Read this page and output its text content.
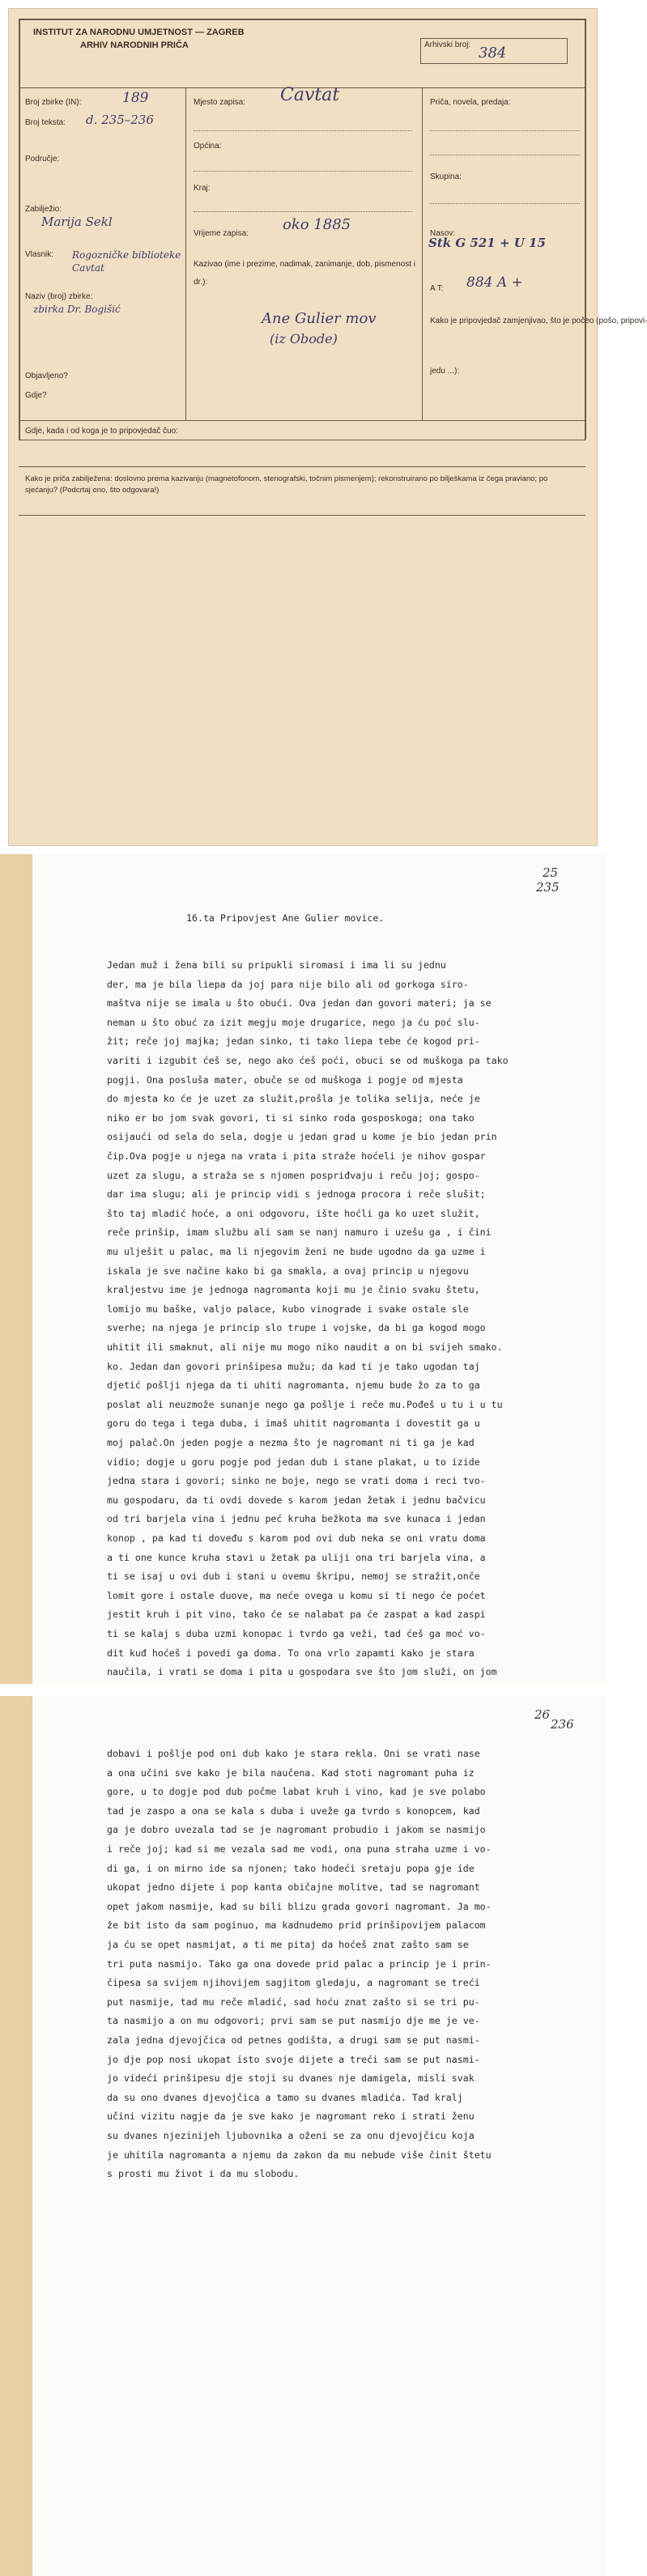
INSTITUT ZA NARODNU UMJETNOST — ZAGREB
ARHIV NARODNIH PRIČA	Arhivski broj: 384
Broj zbirke (IN):	189
Broj teksta: d. 235–236
Područje:
Zabilježio:
Marija Sekl
Vlasnik: Rogozničke biblioteke Cavtat
Naziv (broj) zbirke:
zbirka Dr. Bogišić
Objavljeno?
Gdje?
Mjesto zapisa: Cavtat
Općina:
Kraj:
Vrijeme zapisa:
oko 1885
Kazivao (ime i prezime, nadimak, zanimanje, dob, pismenost i dr.):
Ane Gulier mov
(iz Obode)
Priča, novela, predaja:
Skupina:
Nasov:
Stk G 521 + U 15
A T: 884 A +
Kako je pripovjedač zamjenjivao, što je počeo (pošo, pripovi-
jedu ...):
Gdje, kada i od koga je to pripovjedač čuo:
Kako je priča zabilježena: doslovno prema kazivanju (magnetofonom, stenografski, točnim pismenjem); rekonstruirano po bilješkama iz čega praviano; po sjećanju? (Podcrtaj ono, što odgovara!)
25
235
16.ta Pripovjest Ane Gulier movice.
Jedan muž i žena bili su pripukli siromasi i ima li su jednu
der, ma je bila liepa da joj para nije bilo ali od gorkoga siro-
maštva nije se imala u što obući. Ova jedan dan govori materi; ja se
neman u što obuć za izit megju moje drugarice, nego ja ću poć slu-
žit; reče joj majka; jedan sinko, ti tako liepa tebe će kogod pri-
variti i izgubit ćeš se, nego ako ćeš poći, obuci se od muškoga pa tako
pogji. Ona posluša mater, obuče se od muškoga i pogje od mjesta
do mjesta ko će je uzet za služit,prošla je tolika selija, neće je
niko er bo jom svak govori, ti si sinko roda gosposkoga; ona tako
osijaući od sela do sela, dogje u jedan grad u kome je bio jedan prin
čip.Ova pogje u njega na vrata i pita straže hoćeli je nihov gospar
uzet za slugu, a straža se s njomen pospriđvaju i reču joj; gospo-
dar ima slugu; ali je princip vidi s jednoga procora i reče slušit;
što taj mladić hoće, a oni odgovoru, ište hoćli ga ko uzet služit,
reče prinšip, imam službu ali sam se nanj namuro i uzešu ga , i čini
mu ulješit u palac, ma li njegovim ženi ne bude ugodno da ga uzme i
iskala je sve načine kako bi ga smakla, a ovaj princip u njegovu
kraljestvu ime je jednoga nagromanta koji mu je činio svaku štetu,
lomijo mu baške, valjo palace, kubo vinograde i svake ostale sle
sverhe; na njega je princip slo trupe i vojske, da bi ga kogod mogo
uhitit ili smaknut, ali nije mu mogo niko naudit a on bi svijeh smako.
ko. Jedan dan govori prinšipesa mužu; da kad ti je tako ugodan taj
djetić pošlji njega da ti uhiti nagromanta, njemu bude žo za to ga
poslat ali neuzmože sunanje nego ga pošlje i reče mu.Pođeš u tu i u tu
goru do tega i tega duba, i imaš uhitit nagromanta i dovestit ga u
moj palač.On jeden pogje a nezma što je nagromant ni ti ga je kad
vidio; dogje u goru pogje pod jedan dub i stane plakat, u to izide
jedna stara i govori; sinko ne boje, nego se vrati doma i reci tvo-
mu gospodaru, da ti ovdi dovede s karom jedan žetak i jednu bačvicu
od tri barjela vina i jednu peć kruha bežkota ma sve kunaca i jedan
konop , pa kad ti doveđu s karom pod ovi dub neka se oni vratu doma
a ti one kunce kruha stavi u žetak pa uliji ona tri barjela vina, a
ti se isaj u ovi dub i stani u ovemu škripu, nemoj se stražit,onče
lomit gore i ostale duove, ma neće ovega u komu si ti nego će poćet
jestit kruh i pit vino, tako će se nalabat pa će zaspat a kad zaspi
ti se kalaj s duba uzmi konopac i tvrdo ga veži, tad ćeš ga moć vo-
dit kuđ hoćeš i povedi ga doma. To ona vrlo zapamti kako je stara
naučila, i vrati se doma i pita u gospodara sve što jom služi, on jom
26
236
dobavi i pošlje pod oni dub kako je stara rekla. Oni se vrati nase
a ona učini sve kako je bila naučena. Kad stoti nagromant puha iz
gore, u to dogje pod dub počme labat kruh i vino, kad je sve polabo
tad je zaspo a ona se kala s duba i uveže ga tvrdo s konopcem, kad
ga je dobro uvezala tad se je nagromant probudio i jakom se nasmijo
i reče joj; kad si me vezala sad me vodi, ona puna straha uzme i vo-
di ga, i on mirno ide sa njonen; tako hodeći sretaju popa gje ide
ukopat jedno dijete i pop kanta običajne molitve, tad se nagromant
opet jakom nasmije, kad su bili blizu grada govori nagromant. Ja mo-
že bit isto da sam poginuo, ma kadnudemo prid prinšipovijem palacom
ja ću se opet nasmijat, a ti me pitaj da hoćeš znat zašto sam se
tri puta nasmijo. Tako ga ona dovede prid palac a princip je i prin-
čipesa sa svijem njihovijem sagjitom gledaju, a nagromant se treći
put nasmije, tad mu reče mladić, sad hoću znat zašto si se tri pu-
ta nasmijo a on mu odgovori; prvi sam se put nasmijo dje me je ve-
zala jedna djevojčica od petnes godišta, a drugi sam se put nasmi-
jo dje pop nosi ukopat isto svoje dijete a treći sam se put nasmi-
jo videći prinšipesu dje stoji su dvanes nje damigela, misli svak
da su ono dvanes djevojčica a tamo su dvanes mladića. Tad kralj
učini vizitu nagje da je sve kako je nagromant reko i strati ženu
su dvanes njezinijeh ljubovnika a oženi se za onu djevojčicu koja
je uhitila nagromanta a njemu da zakon da mu nebude više činit štetu
s prosti mu život i da mu slobodu.
